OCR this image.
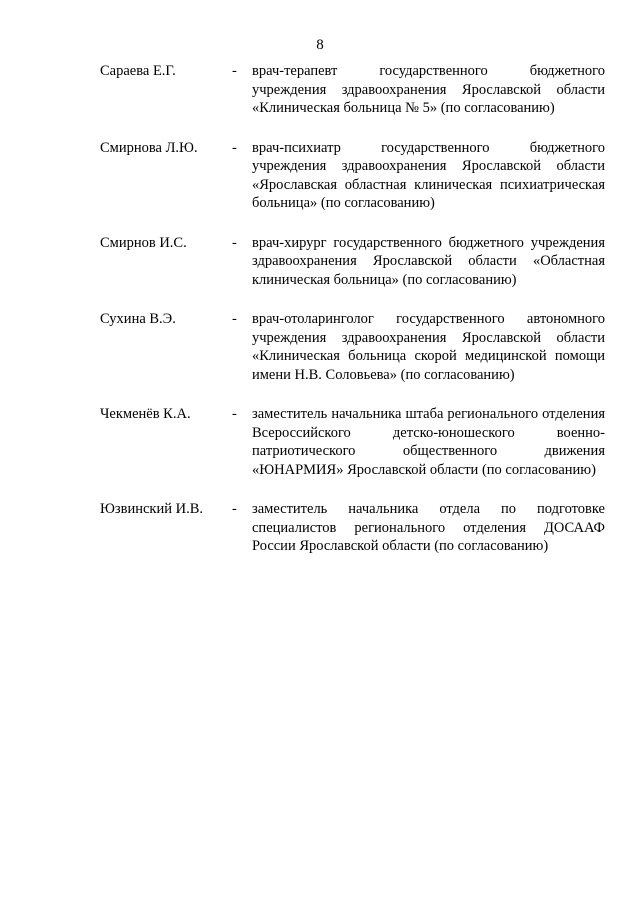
8
Сараева Е.Г.	-	врач-терапевт государственного бюджетного учреждения здравоохранения Ярославской области «Клиническая больница № 5» (по согласованию)
Смирнова Л.Ю.	-	врач-психиатр государственного бюджетного учреждения здравоохранения Ярославской области «Ярославская областная клиническая психиатрическая больница» (по согласованию)
Смирнов И.С.	-	врач-хирург государственного бюджетного учреждения здравоохранения Ярославской области «Областная клиническая больница» (по согласованию)
Сухина В.Э.	-	врач-отоларинголог государственного автономного учреждения здравоохранения Ярославской области «Клиническая больница скорой медицинской помощи имени Н.В. Соловьева» (по согласованию)
Чекменёв К.А.	-	заместитель начальника штаба регионального отделения Всероссийского детско-юношеского военно-патриотического общественного движения «ЮНАРМИЯ» Ярославской области (по согласованию)
Юзвинский И.В.	-	заместитель начальника отдела по подготовке специалистов регионального отделения ДОСААФ России Ярославской области (по согласованию)
